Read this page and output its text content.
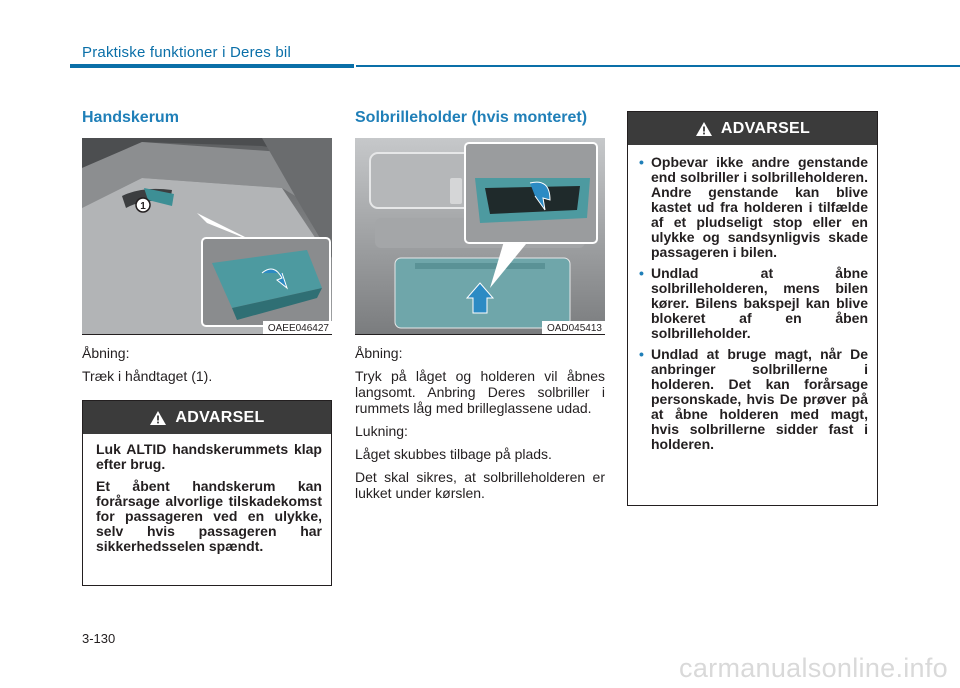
Praktiske funktioner i Deres bil
Handskerum
1
OAEE046427

Åbning:

Træk i håndtaget (1).

ADVARSEL

Luk ALTID handskerummets klap efter brug.

Et åbent handskerum kan forårsage alvorlige tilskadekomst for passageren ved en ulykke, selv hvis passageren har sikkerhedsselen spændt.

Solbrilleholder (hvis monteret)
OAD045413

Åbning:

Tryk på låget og holderen vil åbnes langsomt. Anbring Deres solbriller i rummets låg med brilleglassene udad.

Lukning:

Låget skubbes tilbage på plads.

Det skal sikres, at solbrilleholderen er lukket under kørslen.

ADVARSEL
• Opbevar ikke andre genstande end solbriller i solbrilleholderen. Andre genstande kan blive kastet ud fra holderen i tilfælde af et pludseligt stop eller en ulykke og sandsynligvis skade passageren i bilen.
• Undlad at åbne solbrilleholderen, mens bilen kører. Bilens bakspejl kan blive blokeret af en åben solbrilleholder.
• Undlad at bruge magt, når De anbringer solbrillerne i holderen. Det kan forårsage personskade, hvis De prøver på at åbne holderen med magt, hvis solbrillerne sidder fast i holderen.
3-130
carmanualsonline.info
